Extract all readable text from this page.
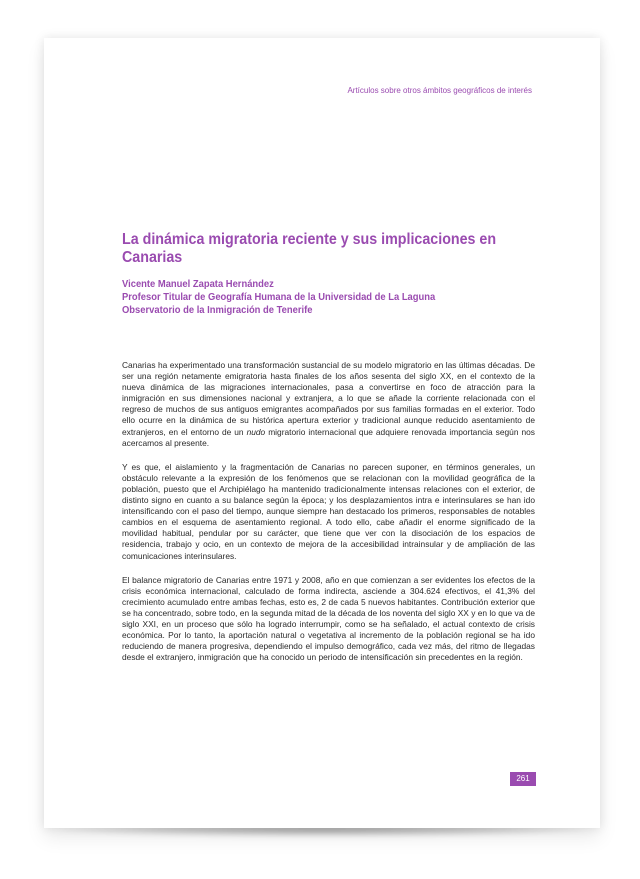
Artículos sobre otros ámbitos geográficos de interés
La dinámica migratoria reciente y sus implicaciones en Canarias
Vicente Manuel Zapata Hernández
Profesor Titular de Geografía Humana de la Universidad de La Laguna
Observatorio de la Inmigración de Tenerife

Canarias ha experimentado una transformación sustancial de su modelo migratorio en las últimas décadas. De ser una región netamente emigratoria hasta finales de los años sesenta del siglo XX, en el contexto de la nueva dinámica de las migraciones internacionales, pasa a convertirse en foco de atracción para la inmigración en sus dimensiones nacional y extranjera, a lo que se añade la corriente relacionada con el regreso de muchos de sus antiguos emigrantes acompañados por sus familias formadas en el exterior. Todo ello ocurre en la dinámica de su histórica apertura exterior y tradicional aunque reducido asentamiento de extranjeros, en el entorno de un nudo migratorio internacional que adquiere renovada importancia según nos acercamos al presente.

Y es que, el aislamiento y la fragmentación de Canarias no parecen suponer, en términos generales, un obstáculo relevante a la expresión de los fenómenos que se relacionan con la movilidad geográfica de la población, puesto que el Archipiélago ha mantenido tradicionalmente intensas relaciones con el exterior, de distinto signo en cuanto a su balance según la época; y los desplazamientos intra e interinsulares se han ido intensificando con el paso del tiempo, aunque siempre han destacado los primeros, responsables de notables cambios en el esquema de asentamiento regional. A todo ello, cabe añadir el enorme significado de la movilidad habitual, pendular por su carácter, que tiene que ver con la disociación de los espacios de residencia, trabajo y ocio, en un contexto de mejora de la accesibilidad intrainsular y de ampliación de las comunicaciones interinsulares.

El balance migratorio de Canarias entre 1971 y 2008, año en que comienzan a ser evidentes los efectos de la crisis económica internacional, calculado de forma indirecta, asciende a 304.624 efectivos, el 41,3% del crecimiento acumulado entre ambas fechas, esto es, 2 de cada 5 nuevos habitantes. Contribución exterior que se ha concentrado, sobre todo, en la segunda mitad de la década de los noventa del siglo XX y en lo que va de siglo XXI, en un proceso que sólo ha logrado interrumpir, como se ha señalado, el actual contexto de crisis económica. Por lo tanto, la aportación natural o vegetativa al incremento de la población regional se ha ido reduciendo de manera progresiva, dependiendo el impulso demográfico, cada vez más, del ritmo de llegadas desde el extranjero, inmigración que ha conocido un periodo de intensificación sin precedentes en la región.

261
